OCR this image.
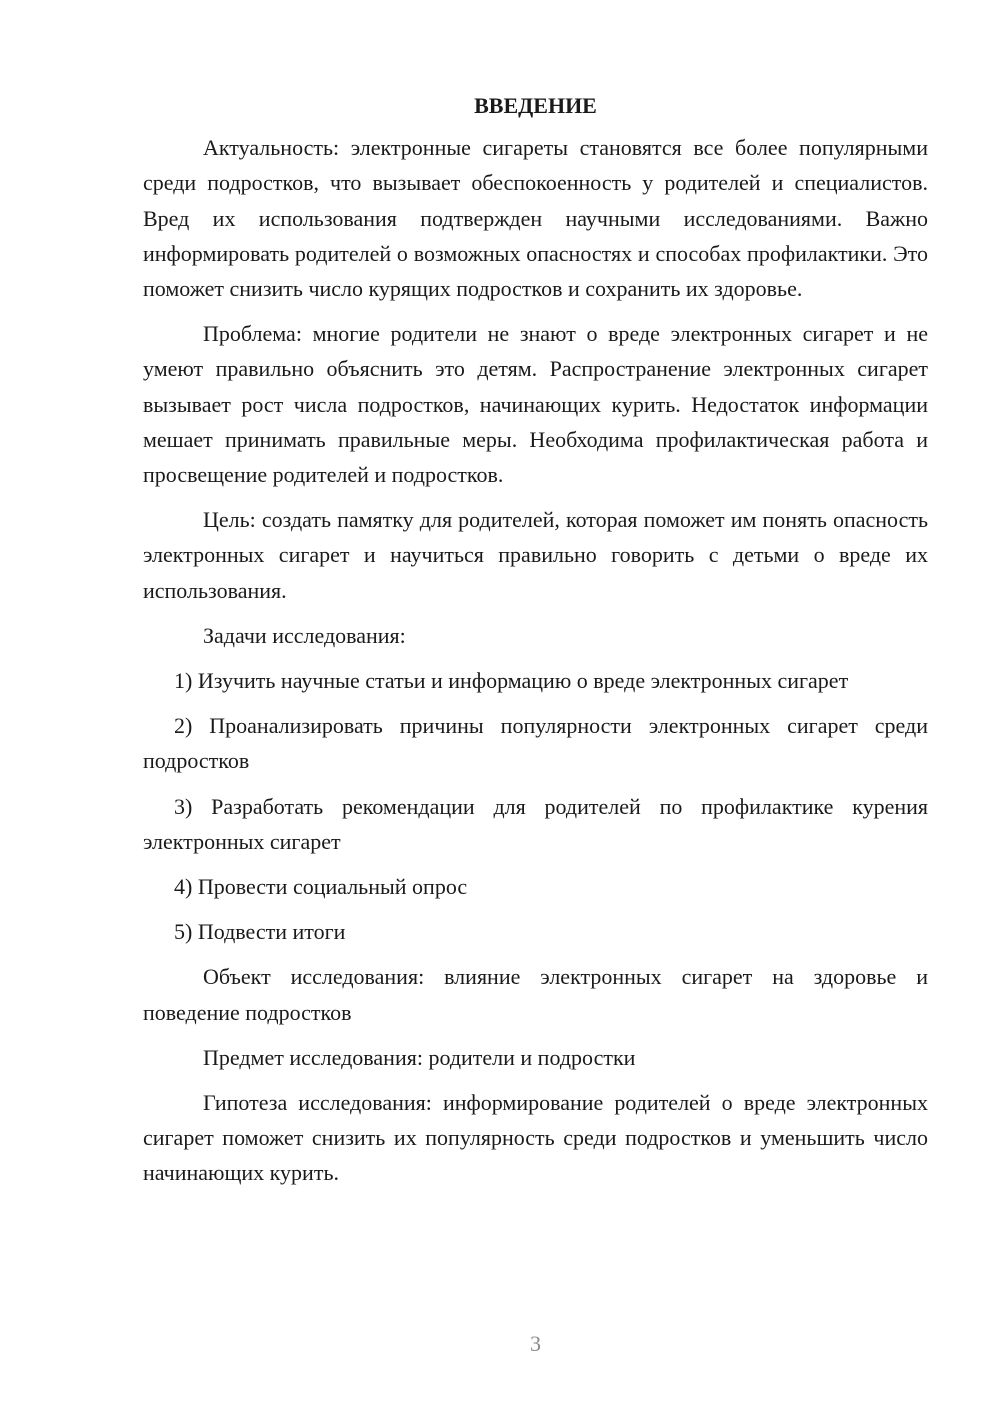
ВВЕДЕНИЕ

Актуальность: электронные сигареты становятся все более популярными среди подростков, что вызывает обеспокоенность у родителей и специалистов. Вред их использования подтвержден научными исследованиями. Важно информировать родителей о возможных опасностях и способах профилактики. Это поможет снизить число курящих подростков и сохранить их здоровье.

Проблема: многие родители не знают о вреде электронных сигарет и не умеют правильно объяснить это детям. Распространение электронных сигарет вызывает рост числа подростков, начинающих курить. Недостаток информации мешает принимать правильные меры. Необходима профилактическая работа и просвещение родителей и подростков.

Цель: создать памятку для родителей, которая поможет им понять опасность электронных сигарет и научиться правильно говорить с детьми о вреде их использования.

Задачи исследования:

1) Изучить научные статьи и информацию о вреде электронных сигарет

2) Проанализировать причины популярности электронных сигарет среди подростков

3) Разработать рекомендации для родителей по профилактике курения электронных сигарет

4) Провести социальный опрос

5) Подвести итоги

Объект исследования: влияние электронных сигарет на здоровье и поведение подростков

Предмет исследования: родители и подростки

Гипотеза исследования: информирование родителей о вреде электронных сигарет поможет снизить их популярность среди подростков и уменьшить число начинающих курить.

3
